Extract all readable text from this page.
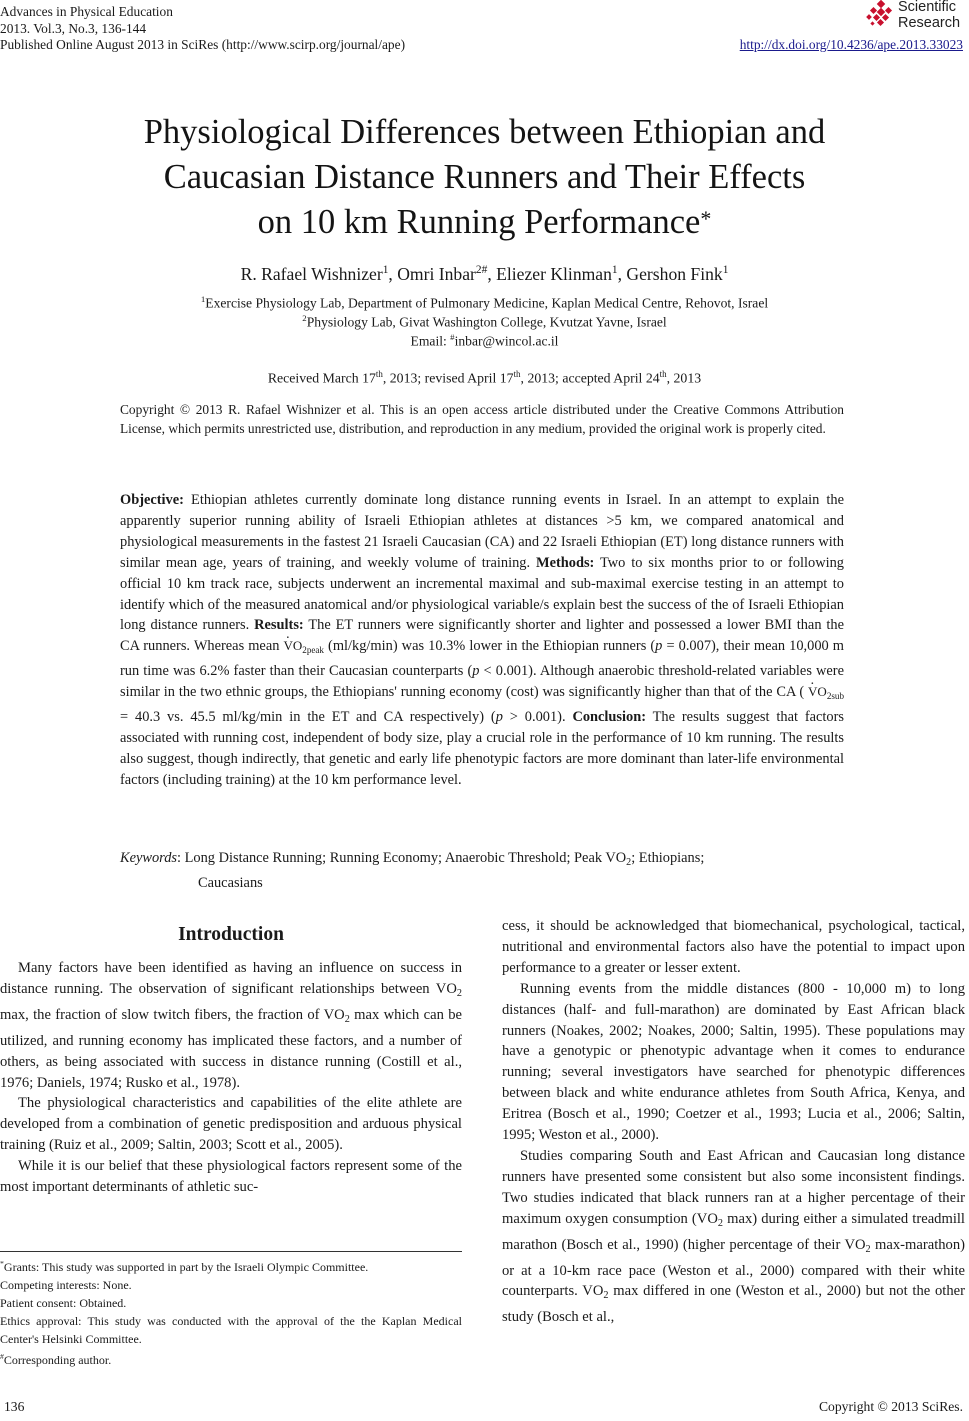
Advances in Physical Education
2013. Vol.3, No.3, 136-144
Published Online August 2013 in SciRes (http://www.scirp.org/journal/ape)	http://dx.doi.org/10.4236/ape.2013.33023
Scientific
Research
Physiological Differences between Ethiopian and
Caucasian Distance Runners and Their Effects
on 10 km Running Performance*
R. Rafael Wishnizer$^1$, Omri Inbar$^{2\#}$, Eliezer Klinman$^1$, Gershon Fink$^1$
$^1$Exercise Physiology Lab, Department of Pulmonary Medicine, Kaplan Medical Centre, Rehovot, Israel
$^2$Physiology Lab, Givat Washington College, Kvutzat Yavne, Israel
Email: #inbar@wincol.ac.il
Received March 17th, 2013; revised April 17th, 2013; accepted April 24th, 2013
Copyright © 2013 R. Rafael Wishnizer et al. This is an open access article distributed under the Creative Commons Attribution License, which permits unrestricted use, distribution, and reproduction in any medium, provided the original work is properly cited.

Objective: Ethiopian athletes currently dominate long distance running events in Israel. In an attempt to explain the apparently superior running ability of Israeli Ethiopian athletes at distances >5 km, we compared anatomical and physiological measurements in the fastest 21 Israeli Caucasian (CA) and 22 Israeli Ethiopian (ET) long distance runners with similar mean age, years of training, and weekly volume of training. Methods: Two to six months prior to or following official 10 km track race, subjects underwent an incremental maximal and sub-maximal exercise testing in an attempt to identify which of the measured anatomical and/or physiological variable/s explain best the success of the of Israeli Ethiopian long distance runners. Results: The ET runners were significantly shorter and lighter and possessed a lower BMI than the CA runners. Whereas mean · $VO_{2peak}$ (ml/kg/min) was 10.3% lower in the Ethiopian runners (p = 0.007), their mean 10,000 m run time was 6.2% faster than their Caucasian counterparts (p < 0.001). Although anaerobic threshold-related variables were similar in the two ethnic groups, the Ethiopians' running economy (cost) was significantly higher than that of the CA ( · $VO_{2sub} = 40.3$ vs. 45.5 ml/kg/min in the ET and CA respectively) (p > 0.001). Conclusion: The results suggest that factors associated with running cost, independent of body size, play a crucial role in the performance of 10 km running. The results also suggest, though indirectly, that genetic and early life phenotypic factors are more dominant than later-life environmental factors (including training) at the 10 km performance level.

Keywords: Long Distance Running; Running Economy; Anaerobic Threshold; Peak $VO_2$; Ethiopians;
Caucasians
Introduction

Many factors have been identified as having an influence on success in distance running. The observation of significant relationships between $VO_2$ max, the fraction of slow twitch fibers, the fraction of $VO_2$ max which can be utilized, and running economy has implicated these factors, and a number of others, as being associated with success in distance running (Costill et al., 1976; Daniels, 1974; Rusko et al., 1978).

The physiological characteristics and capabilities of the elite athlete are developed from a combination of genetic predisposition and arduous physical training (Ruiz et al., 2009; Saltin, 2003; Scott et al., 2005).

While it is our belief that these physiological factors represent some of the most important determinants of athletic suc-

*Grants: This study was supported in part by the Israeli Olympic Committee.
Competing interests: None.
Patient consent: Obtained.
Ethics approval: This study was conducted with the approval of the the Kaplan Medical Center's Helsinki Committee.
#Corresponding author.

cess, it should be acknowledged that biomechanical, psychological, tactical, nutritional and environmental factors also have the potential to impact upon performance to a greater or lesser extent.

Running events from the middle distances (800 - 10,000 m) to long distances (half- and full-marathon) are dominated by East African black runners (Noakes, 2002; Noakes, 2000; Saltin, 1995). These populations may have a genotypic or phenotypic advantage when it comes to endurance running; several investigators have searched for phenotypic differences between black and white endurance athletes from South Africa, Kenya, and Eritrea (Bosch et al., 1990; Coetzer et al., 1993; Lucia et al., 2006; Saltin, 1995; Weston et al., 2000).

Studies comparing South and East African and Caucasian long distance runners have presented some consistent but also some inconsistent findings. Two studies indicated that black runners ran at a higher percentage of their maximum oxygen consumption ($VO_2$ max) during either a simulated treadmill marathon (Bosch et al., 1990) (higher percentage of their $VO_2$ max-marathon) or at a 10-km race pace (Weston et al., 2000) compared with their white counterparts. $VO_2$ max differed in one (Weston et al., 2000) but not the other study (Bosch et al.,

136	Copyright © 2013 SciRes.
